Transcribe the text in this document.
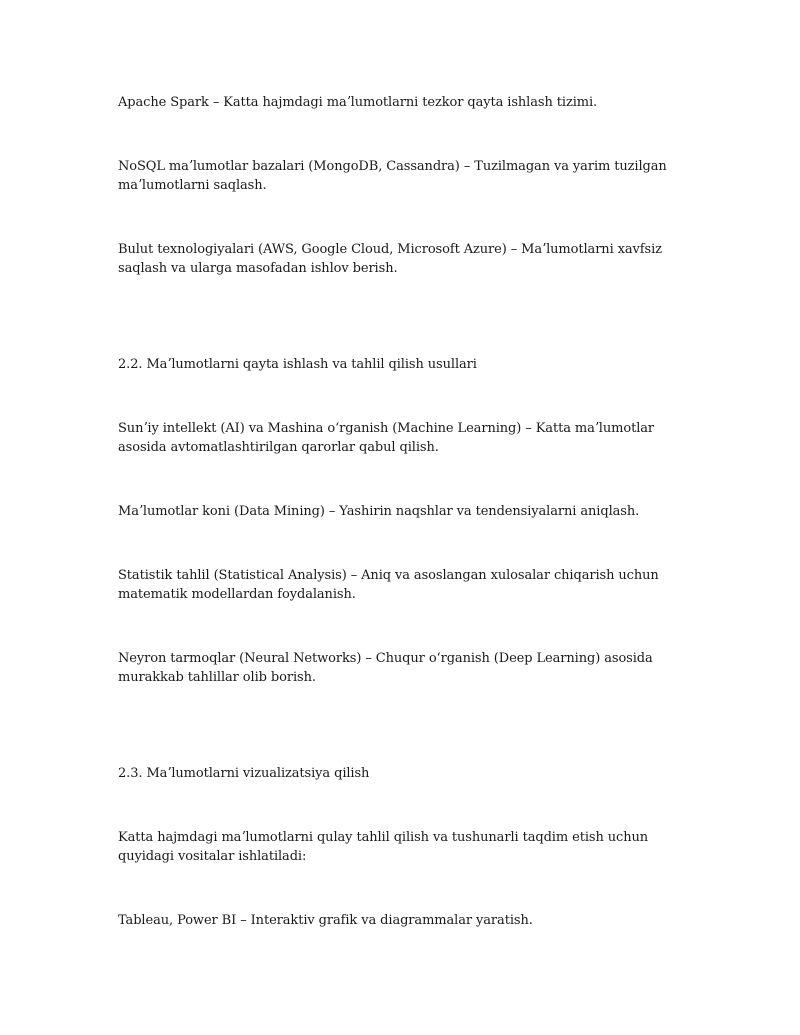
Apache Spark – Katta hajmdagi maʼlumotlarni tezkor qayta ishlash tizimi.

NoSQL maʼlumotlar bazalari (MongoDB, Cassandra) – Tuzilmagan va yarim tuzilgan maʼlumotlarni saqlash.

Bulut texnologiyalari (AWS, Google Cloud, Microsoft Azure) – Maʼlumotlarni xavfsiz saqlash va ularga masofadan ishlov berish.

2.2. Maʼlumotlarni qayta ishlash va tahlil qilish usullari

Sunʼiy intellekt (AI) va Mashina oʻrganish (Machine Learning) – Katta maʼlumotlar asosida avtomatlashtirilgan qarorlar qabul qilish.

Maʼlumotlar koni (Data Mining) – Yashirin naqshlar va tendensiyalarni aniqlash.

Statistik tahlil (Statistical Analysis) – Aniq va asoslangan xulosalar chiqarish uchun matematik modellardan foydalanish.

Neyron tarmoqlar (Neural Networks) – Chuqur oʻrganish (Deep Learning) asosida murakkab tahlillar olib borish.

2.3. Maʼlumotlarni vizualizatsiya qilish

Katta hajmdagi maʼlumotlarni qulay tahlil qilish va tushunarli taqdim etish uchun quyidagi vositalar ishlatiladi:

Tableau, Power BI – Interaktiv grafik va diagrammalar yaratish.
